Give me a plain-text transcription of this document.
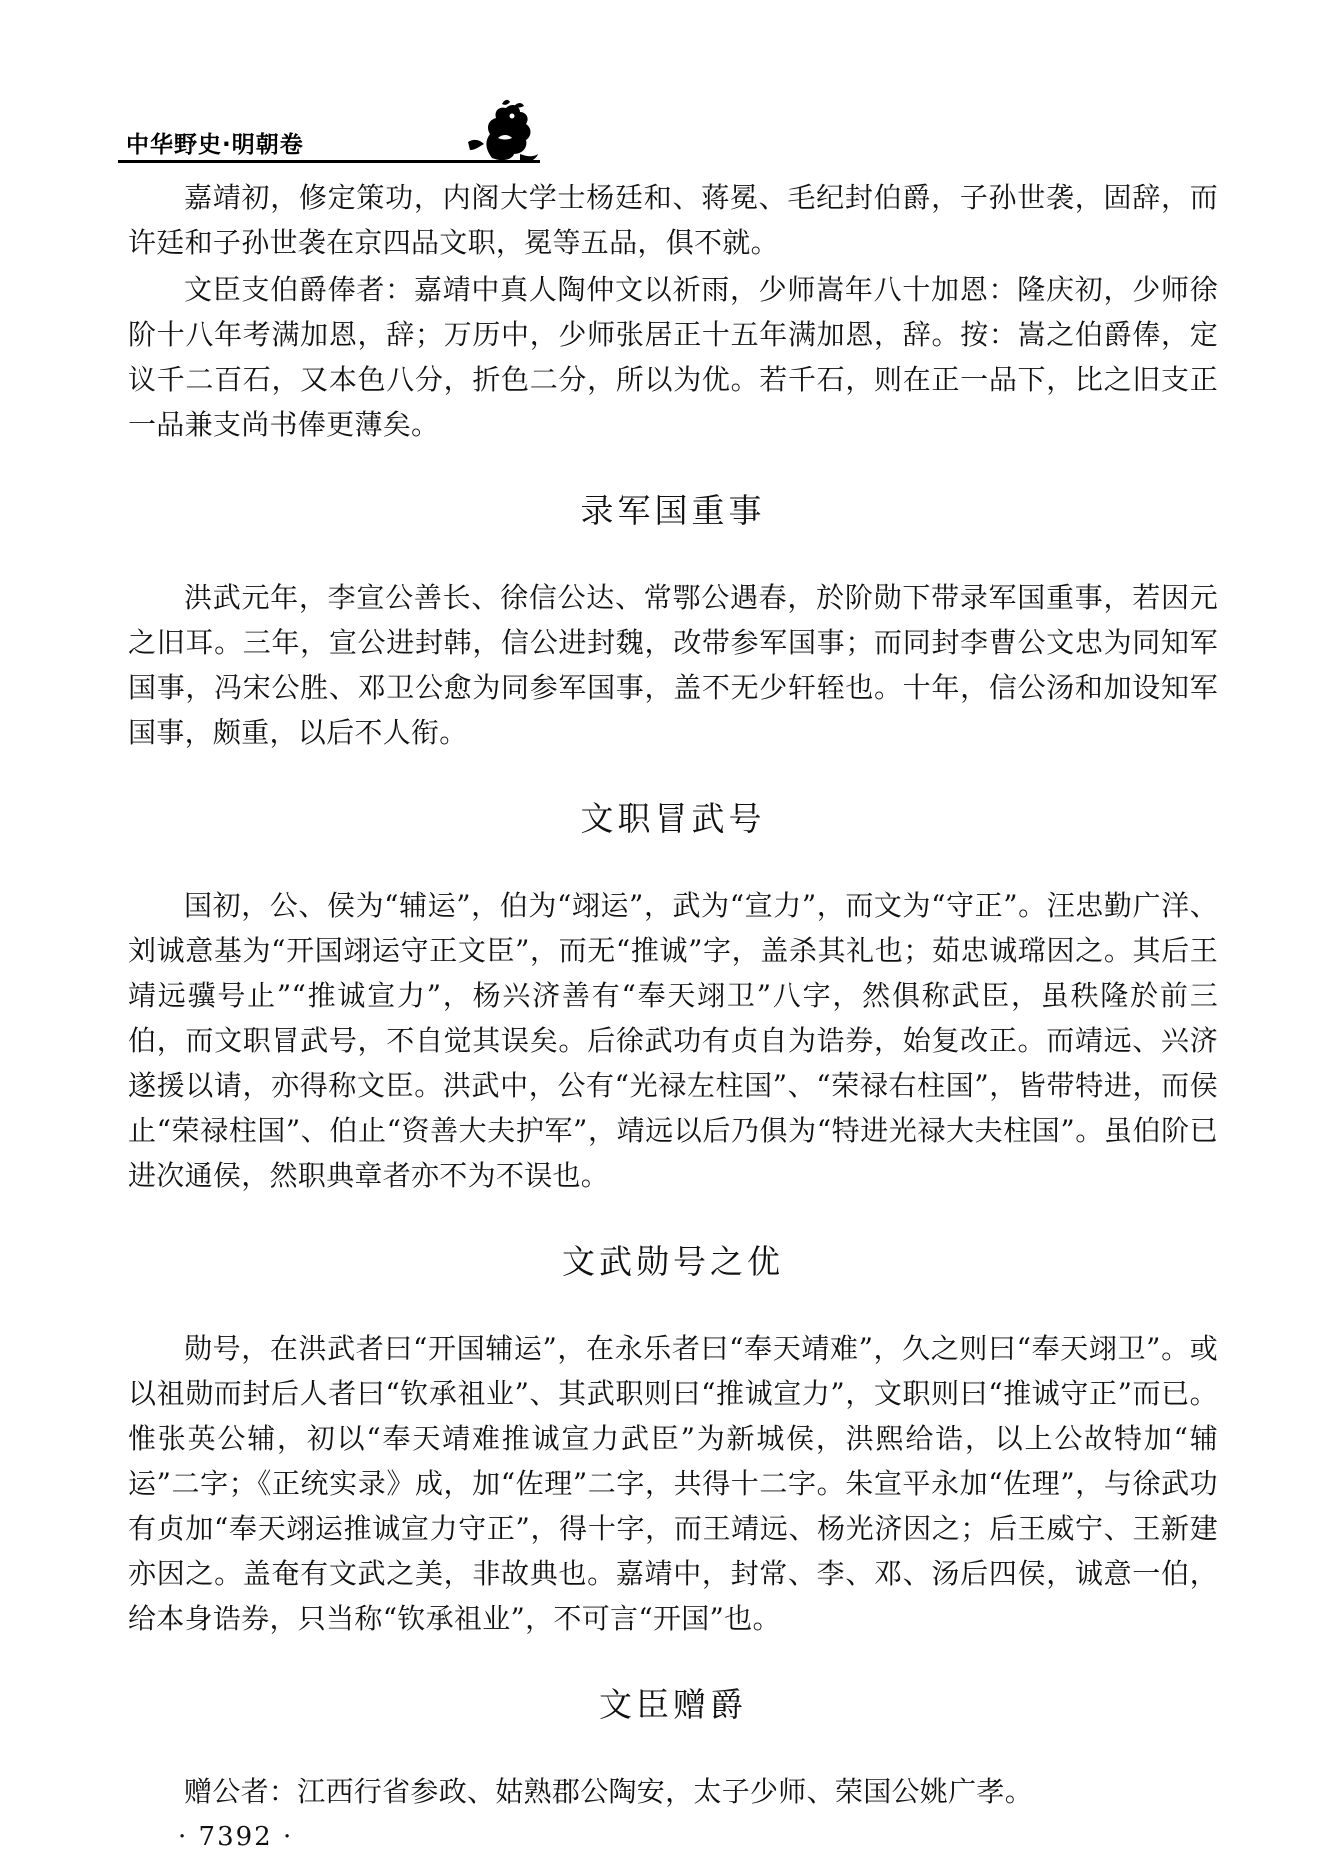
中华野史·明朝卷

嘉靖初，修定策功，内阁大学士杨廷和、蒋冕、毛纪封伯爵，子孙世袭，固辞，而许廷和子孙世袭在京四品文职，冕等五品，俱不就。

文臣支伯爵俸者：嘉靖中真人陶仲文以祈雨，少师嵩年八十加恩：隆庆初，少师徐阶十八年考满加恩，辞；万历中，少师张居正十五年满加恩，辞。按：嵩之伯爵俸，定议千二百石，又本色八分，折色二分，所以为优。若千石，则在正一品下，比之旧支正一品兼支尚书俸更薄矣。

录军国重事

洪武元年，李宣公善长、徐信公达、常鄂公遇春，於阶勋下带录军国重事，若因元之旧耳。三年，宣公进封韩，信公进封魏，改带参军国事；而同封李曹公文忠为同知军国事，冯宋公胜、邓卫公愈为同参军国事，盖不无少轩轾也。十年，信公汤和加设知军国事，颇重，以后不人衔。

文职冒武号

国初，公、侯为“辅运”，伯为“翊运”，武为“宣力”，而文为“守正”。汪忠勤广洋、刘诚意基为“开国翊运守正文臣”，而无“推诚”字，盖杀其礼也；茹忠诚瑺因之。其后王靖远骥号止”“推诚宣力”，杨兴济善有“奉天翊卫”八字，然俱称武臣，虽秩隆於前三伯，而文职冒武号，不自觉其误矣。后徐武功有贞自为诰券，始复改正。而靖远、兴济遂援以请，亦得称文臣。洪武中，公有“光禄左柱国”、“荣禄右柱国”，皆带特进，而侯止“荣禄柱国”、伯止“资善大夫护军”，靖远以后乃俱为“特进光禄大夫柱国”。虽伯阶已进次通侯，然职典章者亦不为不误也。

文武勋号之优

勋号，在洪武者曰“开国辅运”，在永乐者曰“奉天靖难”，久之则曰“奉天翊卫”。或以祖勋而封后人者曰“钦承祖业”、其武职则曰“推诚宣力”，文职则曰“推诚守正”而已。惟张英公辅，初以“奉天靖难推诚宣力武臣”为新城侯，洪熙给诰，以上公故特加“辅运”二字；《正统实录》成，加“佐理”二字，共得十二字。朱宣平永加“佐理”，与徐武功有贞加“奉天翊运推诚宣力守正”，得十字，而王靖远、杨光济因之；后王威宁、王新建亦因之。盖奄有文武之美，非故典也。嘉靖中，封常、李、邓、汤后四侯，诚意一伯，给本身诰券，只当称“钦承祖业”，不可言“开国”也。

文臣赠爵

赠公者：江西行省参政、姑熟郡公陶安，太子少师、荣国公姚广孝。

· 7392 ·
